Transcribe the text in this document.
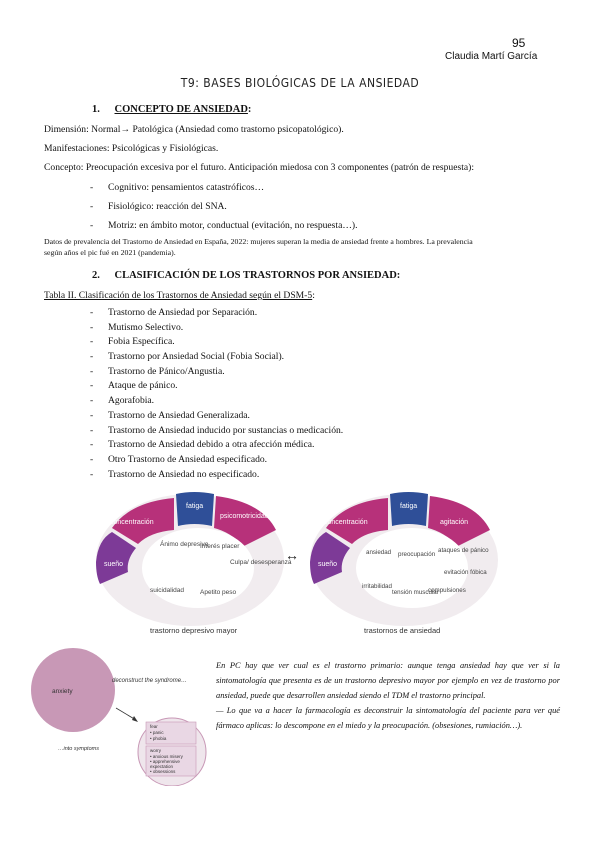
95
Claudia Martí García
T9: BASES BIOLÓGICAS DE LA ANSIEDAD
1. CONCEPTO DE ANSIEDAD:
Dimensión: Normal→ Patológica (Ansiedad como trastorno psicopatológico).
Manifestaciones: Psicológicas y Fisiológicas.
Concepto: Preocupación excesiva por el futuro. Anticipación miedosa con 3 componentes (patrón de respuesta):
- Cognitivo: pensamientos catastróficos…
- Fisiológico: reacción del SNA.
- Motriz: en ámbito motor, conductual (evitación, no respuesta…).
Datos de prevalencia del Trastorno de Ansiedad en España, 2022: mujeres superan la media de ansiedad frente a hombres. La prevalencia
según años el pic fué en 2021 (pandemia).
2. CLASIFICACIÓN DE LOS TRASTORNOS POR ANSIEDAD:
Tabla II. Clasificación de los Trastornos de Ansiedad según el DSM-5:
- Trastorno de Ansiedad por Separación.
- Mutismo Selectivo.
- Fobia Específica.
- Trastorno por Ansiedad Social (Fobia Social).
- Trastorno de Pánico/Angustia.
- Ataque de pánico.
- Agorafobia.
- Trastorno de Ansiedad Generalizada.
- Trastorno de Ansiedad inducido por sustancias o medicación.
- Trastorno de Ansiedad debido a otra afección médica.
- Otro Trastorno de Ansiedad especificado.
- Trastorno de Ansiedad no especificado.
concentración
fatiga
psicomotricidad
sueño
Ánimo depresivo
Interés placer
Culpa/ desesperanza
suicidalidad Apetito peso
trastorno depresivo mayor
↔
concentración
fatiga
agitación
sueño
ansiedad preocupación
ataques de pánico
evitación fóbica
irritabilidad
tensión muscular
compulsiones
trastornos de ansiedad
anxiety
deconstruct the syndrome…
fear
• panic
• phobia
worry
• anxious misery
• apprehensive
expectation
• obsessions
…into symptoms
En PC hay que ver cual es el trastorno primario: aunque tenga ansiedad hay que ver si la sintomatología que presenta es de un trastorno depresivo mayor por ejemplo en vez de trastorno por ansiedad, puede que desarrollen ansiedad siendo el TDM el trastorno principal.
— Lo que va a hacer la farmacología es deconstruir la sintomatología del paciente para ver qué fármaco aplicas: lo descompone en el miedo y la preocupación. (obsesiones, rumiación…).
